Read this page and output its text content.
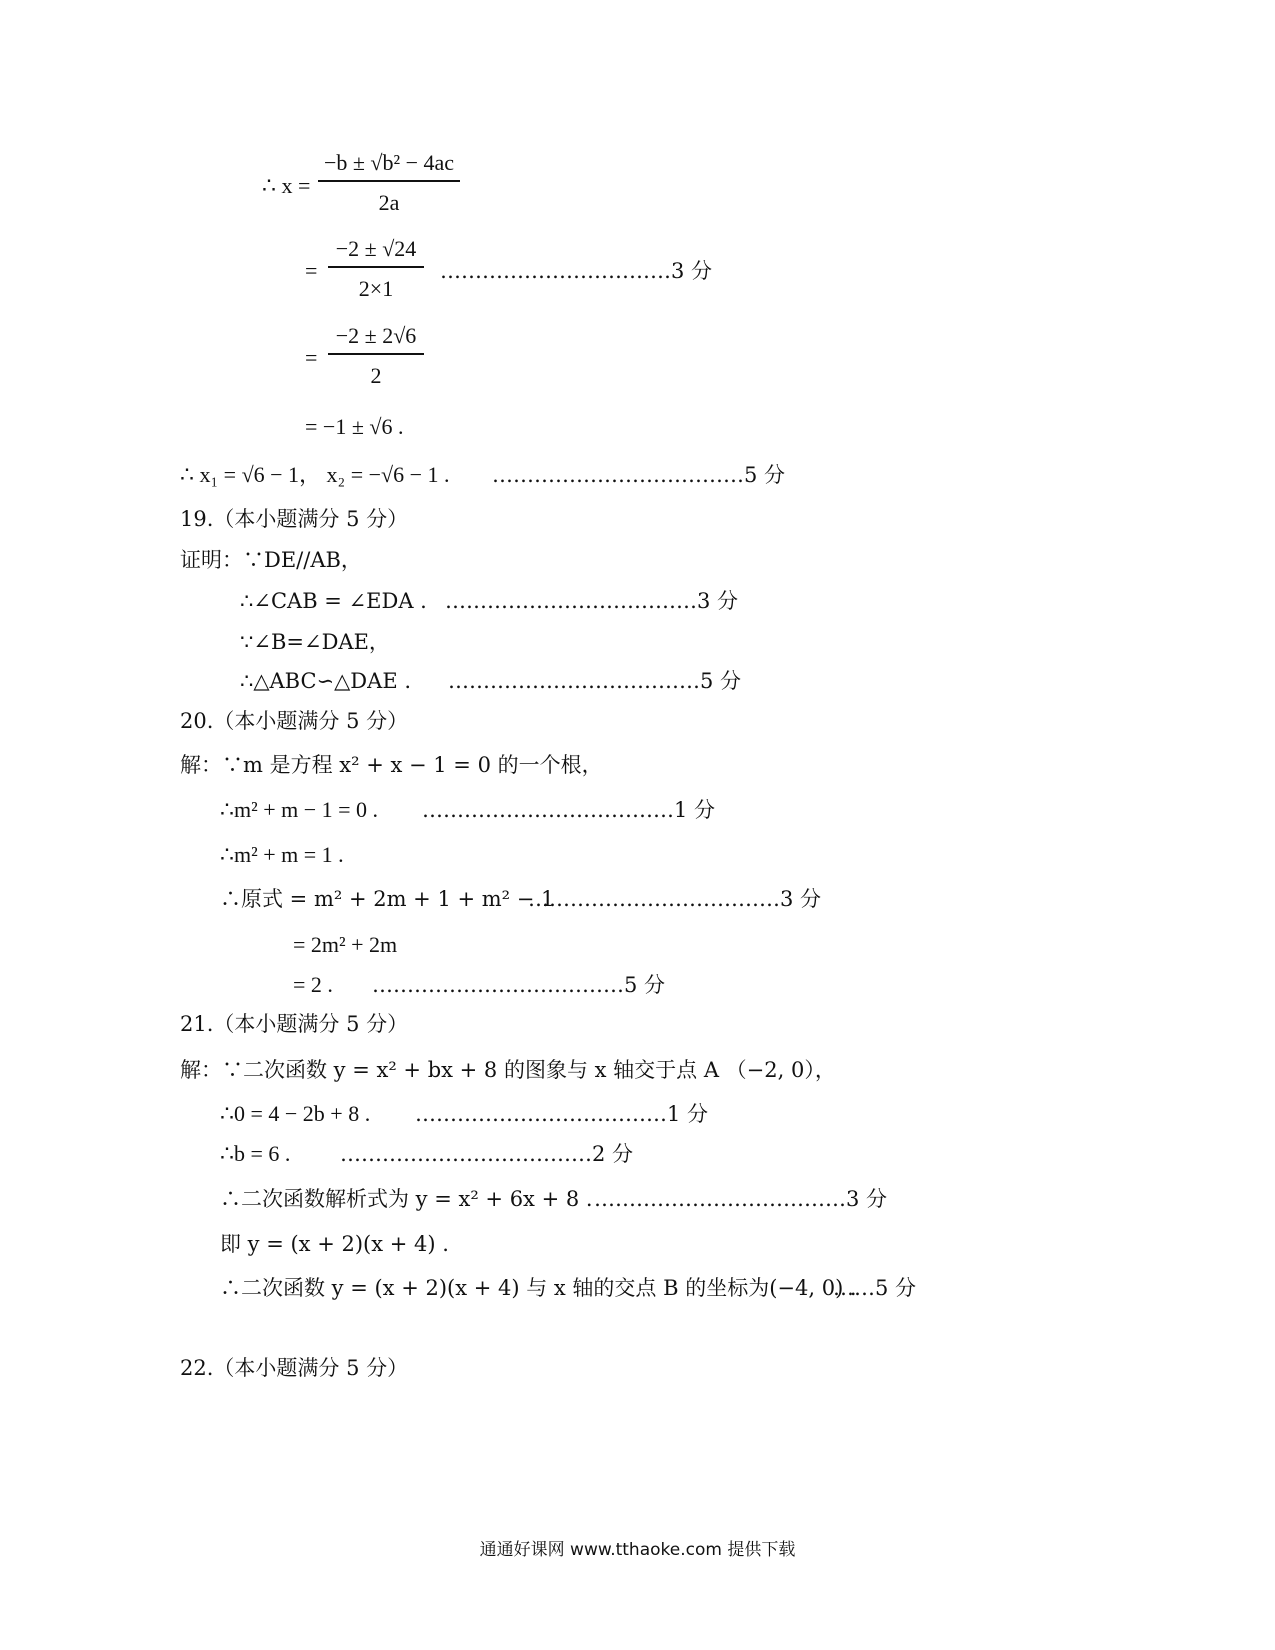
∴ $x = \frac{\text{−b ± √b² − 4ac}}{2a}$
= $\frac{-2 \pm √24}{2\times 1}$ ……………………………3 分
= $\frac{-2 \pm 2√6}{2}$
= −1 ± √6 .
∴ x₁ = √6 − 1， x₂ = −√6 − 1 . ………………………………5 分
19.（本小题满分 5 分）
证明：∵DE//AB，
∴∠CAB = ∠EDA . ………………………………3 分
∵∠B=∠DAE，
∴△ABC∽△DAE . ………………………………5 分
20.（本小题满分 5 分）
解：∵m 是方程 x² + x − 1 = 0 的一个根，
∴m² + m − 1 = 0 . ………………………………1 分
∴m² + m = 1 .
∴原式 = m² + 2m + 1 + m² − 1
………………………………3 分
= 2m² + 2m
= 2 . ………………………………5 分
21.（本小题满分 5 分）
解：∵二次函数 y = x² + bx + 8 的图象与 x 轴交于点 A （−2, 0），
∴0 = 4 − 2b + 8 . ………………………………1 分
∴b = 6 . ………………………………2 分
∴二次函数解析式为 y = x² + 6x + 8 . ………………………………3 分
即 y = (x + 2)(x + 4) .
∴二次函数 y = (x + 2)(x + 4) 与 x 轴的交点 B 的坐标为(−4, 0) .
……5 分
22.（本小题满分 5 分）
通通好课网 www.tthaoke.com 提供下载
